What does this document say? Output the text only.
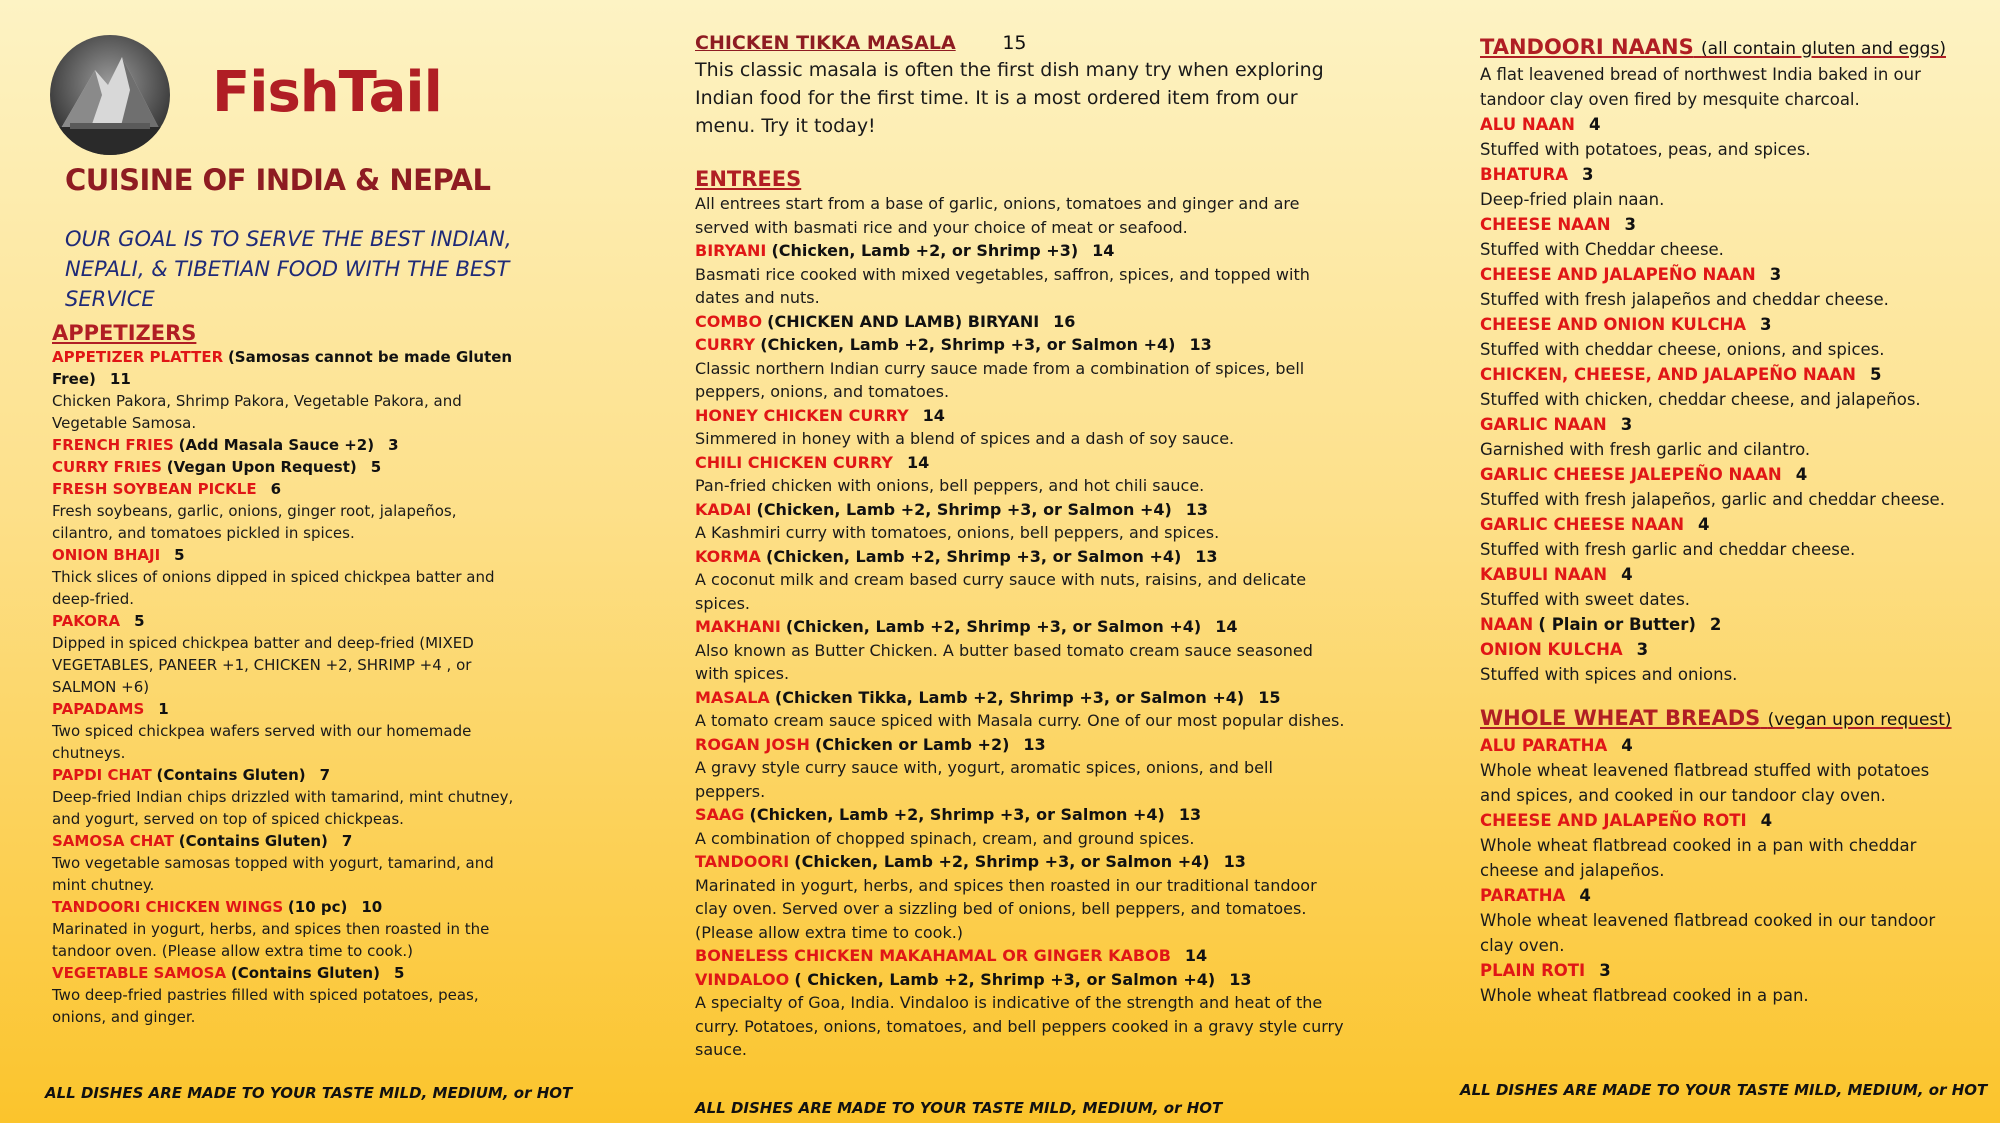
FishTail
CUISINE OF INDIA & NEPAL
OUR GOAL IS TO SERVE THE BEST INDIAN, NEPALI, & TIBETIAN FOOD WITH THE BEST SERVICE
APPETIZERS
APPETIZER PLATTER (Samosas cannot be made Gluten Free) 11
Chicken Pakora, Shrimp Pakora, Vegetable Pakora, and Vegetable Samosa.
FRENCH FRIES (Add Masala Sauce +2) 3
CURRY FRIES (Vegan Upon Request) 5
FRESH SOYBEAN PICKLE 6
Fresh soybeans, garlic, onions, ginger root, jalapeños, cilantro, and tomatoes pickled in spices.
ONION BHAJI 5
Thick slices of onions dipped in spiced chickpea batter and deep-fried.
PAKORA 5
Dipped in spiced chickpea batter and deep-fried (MIXED VEGETABLES, PANEER +1, CHICKEN +2, SHRIMP +4 , or SALMON +6)
PAPADAMS 1
Two spiced chickpea wafers served with our homemade chutneys.
PAPDI CHAT (Contains Gluten) 7
Deep-fried Indian chips drizzled with tamarind, mint chutney, and yogurt, served on top of spiced chickpeas.
SAMOSA CHAT (Contains Gluten) 7
Two vegetable samosas topped with yogurt, tamarind, and mint chutney.
TANDOORI CHICKEN WINGS (10 pc) 10
Marinated in yogurt, herbs, and spices then roasted in the tandoor oven. (Please allow extra time to cook.)
VEGETABLE SAMOSA (Contains Gluten) 5
Two deep-fried pastries filled with spiced potatoes, peas, onions, and ginger.
CHICKEN TIKKA MASALA 15
This classic masala is often the first dish many try when exploring Indian food for the first time. It is a most ordered item from our menu. Try it today!
ENTREES
All entrees start from a base of garlic, onions, tomatoes and ginger and are served with basmati rice and your choice of meat or seafood.
BIRYANI (Chicken, Lamb +2, or Shrimp +3) 14
Basmati rice cooked with mixed vegetables, saffron, spices, and topped with dates and nuts.
COMBO (CHICKEN AND LAMB) BIRYANI 16
CURRY (Chicken, Lamb +2, Shrimp +3, or Salmon +4) 13
Classic northern Indian curry sauce made from a combination of spices, bell peppers, onions, and tomatoes.
HONEY CHICKEN CURRY 14
Simmered in honey with a blend of spices and a dash of soy sauce.
CHILI CHICKEN CURRY 14
Pan-fried chicken with onions, bell peppers, and hot chili sauce.
KADAI (Chicken, Lamb +2, Shrimp +3, or Salmon +4) 13
A Kashmiri curry with tomatoes, onions, bell peppers, and spices.
KORMA (Chicken, Lamb +2, Shrimp +3, or Salmon +4) 13
A coconut milk and cream based curry sauce with nuts, raisins, and delicate spices.
MAKHANI (Chicken, Lamb +2, Shrimp +3, or Salmon +4) 14
Also known as Butter Chicken. A butter based tomato cream sauce seasoned with spices.
MASALA (Chicken Tikka, Lamb +2, Shrimp +3, or Salmon +4) 15
A tomato cream sauce spiced with Masala curry. One of our most popular dishes.
ROGAN JOSH (Chicken or Lamb +2) 13
A gravy style curry sauce with, yogurt, aromatic spices, onions, and bell peppers.
SAAG (Chicken, Lamb +2, Shrimp +3, or Salmon +4) 13
A combination of chopped spinach, cream, and ground spices.
TANDOORI (Chicken, Lamb +2, Shrimp +3, or Salmon +4) 13
Marinated in yogurt, herbs, and spices then roasted in our traditional tandoor clay oven. Served over a sizzling bed of onions, bell peppers, and tomatoes. (Please allow extra time to cook.)
BONELESS CHICKEN MAKAHAMAL OR GINGER KABOB 14
VINDALOO ( Chicken, Lamb +2, Shrimp +3, or Salmon +4) 13
A specialty of Goa, India. Vindaloo is indicative of the strength and heat of the curry. Potatoes, onions, tomatoes, and bell peppers cooked in a gravy style curry sauce.
TANDOORI NAANS (all contain gluten and eggs)
A flat leavened bread of northwest India baked in our tandoor clay oven fired by mesquite charcoal.
ALU NAAN 4
Stuffed with potatoes, peas, and spices.
BHATURA 3
Deep-fried plain naan.
CHEESE NAAN 3
Stuffed with Cheddar cheese.
CHEESE AND JALAPEÑO NAAN 3
Stuffed with fresh jalapeños and cheddar cheese.
CHEESE AND ONION KULCHA 3
Stuffed with cheddar cheese, onions, and spices.
CHICKEN, CHEESE, AND JALAPEÑO NAAN 5
Stuffed with chicken, cheddar cheese, and jalapeños.
GARLIC NAAN 3
Garnished with fresh garlic and cilantro.
GARLIC CHEESE JALEPEÑO NAAN 4
Stuffed with fresh jalapeños, garlic and cheddar cheese.
GARLIC CHEESE NAAN 4
Stuffed with fresh garlic and cheddar cheese.
KABULI NAAN 4
Stuffed with sweet dates.
NAAN ( Plain or Butter) 2
ONION KULCHA 3
Stuffed with spices and onions.
WHOLE WHEAT BREADS (vegan upon request)
ALU PARATHA 4
Whole wheat leavened flatbread stuffed with potatoes and spices, and cooked in our tandoor clay oven.
CHEESE AND JALAPEÑO ROTI 4
Whole wheat flatbread cooked in a pan with cheddar cheese and jalapeños.
PARATHA 4
Whole wheat leavened flatbread cooked in our tandoor clay oven.
PLAIN ROTI 3
Whole wheat flatbread cooked in a pan.
ALL DISHES ARE MADE TO YOUR TASTE MILD, MEDIUM, or HOT
ALL DISHES ARE MADE TO YOUR TASTE MILD, MEDIUM, or HOT
ALL DISHES ARE MADE TO YOUR TASTE MILD, MEDIUM, or HOT
